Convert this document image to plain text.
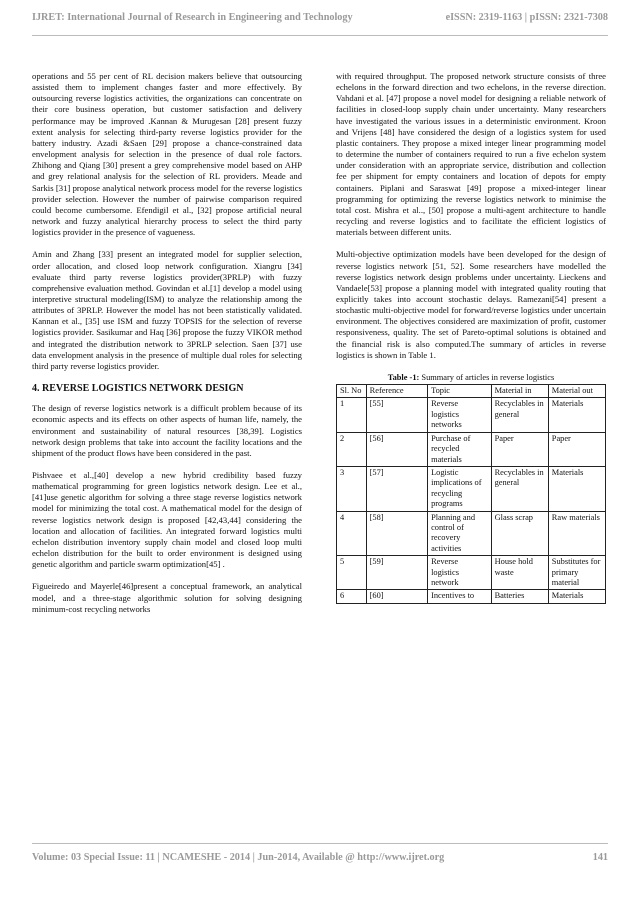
IJRET: International Journal of Research in Engineering and Technology	eISSN: 2319-1163 | pISSN: 2321-7308

operations and 55 per cent of RL decision makers believe that outsourcing assisted them to implement changes faster and more effectively. By outsourcing reverse logistics activities, the organizations can concentrate on their core business operation, but customer satisfaction and delivery performance may be improved .Kannan & Murugesan [28] present fuzzy extent analysis for selecting third-party reverse logistics provider for the battery industry. Azadi &Saen [29] propose a chance-constrained data envelopment analysis for selection in the presence of dual role factors. Zhihong and Qiang [30] present a grey comprehensive model based on AHP and grey relational analysis for the selection of RL providers. Meade and Sarkis [31] propose analytical network process model for the reverse logistics provider selection. However the number of pairwise comparison required could become cumbersome. Efendigil et al., [32] propose artificial neural network and fuzzy analytical hierarchy process to select the third party logistics provider in the presence of vagueness.

Amin and Zhang [33] present an integrated model for supplier selection, order allocation, and closed loop network configuration. Xiangru [34] evaluate third party reverse logistics provider(3PRLP) with fuzzy comprehensive evaluation method. Govindan et al.[1] develop a model using interpretive structural modeling(ISM) to analyze the relationship among the attributes of 3PRLP. However the model has not been statistically validated. Kannan et al., [35] use ISM and fuzzy TOPSIS for the selection of reverse logistics provider. Sasikumar and Haq [36] propose the fuzzy VIKOR method and integrated the distribution network to 3PRLP selection. Saen [37] use data envelopment analysis in the presence of multiple dual roles for selecting third party reverse logistics provider.

4. REVERSE LOGISTICS NETWORK DESIGN

The design of reverse logistics network is a difficult problem because of its economic aspects and its effects on other aspects of human life, namely, the environment and sustainability of natural resources [38,39]. Logistics network design problems that take into account the facility locations and the shipment of the product flows have been considered in the past.

Pishvaee et al.,[40] develop a new hybrid credibility based fuzzy mathematical programming for green logistics network design. Lee et al.,[41]use genetic algorithm for solving a three stage reverse logistics network model for minimizing the total cost. A mathematical model for the design of reverse logistics network design is proposed [42,43,44] considering the location and allocation of facilities. An integrated forward logistics multi echelon distribution inventory supply chain model and closed loop multi echelon distribution for the built to order environment is designed using genetic algorithm and particle swarm optimization[45] .

Figueiredo and Mayerle[46]present a conceptual framework, an analytical model, and a three-stage algorithmic solution for solving designing minimum-cost recycling networks

with required throughput. The proposed network structure consists of three echelons in the forward direction and two echelons, in the reverse direction. Vahdani et al. [47] propose a novel model for designing a reliable network of facilities in closed-loop supply chain under uncertainty. Many researchers have investigated the various issues in a deterministic environment. Kroon and Vrijens [48] have considered the design of a logistics system for used plastic containers. They propose a mixed integer linear programming model to determine the number of containers required to run a five echelon system under consideration with an appropriate service, distribution and collection fee per shipment for empty containers and location of depots for empty containers. Piplani and Saraswat [49] propose a mixed-integer linear programming for optimizing the reverse logistics network to minimise the total cost. Mishra et al.., [50] propose a multi-agent architecture to handle recycling and reverse logistics and to facilitate the efficient logistics of materials between different units.

Multi-objective optimization models have been developed for the design of reverse logistics network [51, 52]. Some researchers have modelled the reverse logistics network design problems under uncertainty. Lieckens and Vandaele[53] propose a planning model with integrated quality routing that explicitly takes into account stochastic delays. Ramezani[54] present a stochastic multi-objective model for forward/reverse logistics under uncertain environment. The objectives considered are maximization of profit, customer responsiveness, quality. The set of Pareto-optimal solutions is obtained and the financial risk is also computed.The summary of articles in reverse logistics is shown in Table 1.

Table -1: Summary of articles in reverse logistics
Sl. No	Reference	Topic	Material in	Material out
1	[55]	Reverse logistics networks	Recyclables in general	Materials
2	[56]	Purchase of recycled materials	Paper	Paper
3	[57]	Logistic implications of recycling programs	Recyclables in general	Materials
4	[58]	Planning and control of recovery activities	Glass scrap	Raw materials
5	[59]	Reverse logistics network	House hold waste	Substitutes for primary material
6	[60]	Incentives to	Batteries	Materials
Volume: 03 Special Issue: 11 | NCAMESHE - 2014 | Jun-2014, Available @ http://www.ijret.org	141
